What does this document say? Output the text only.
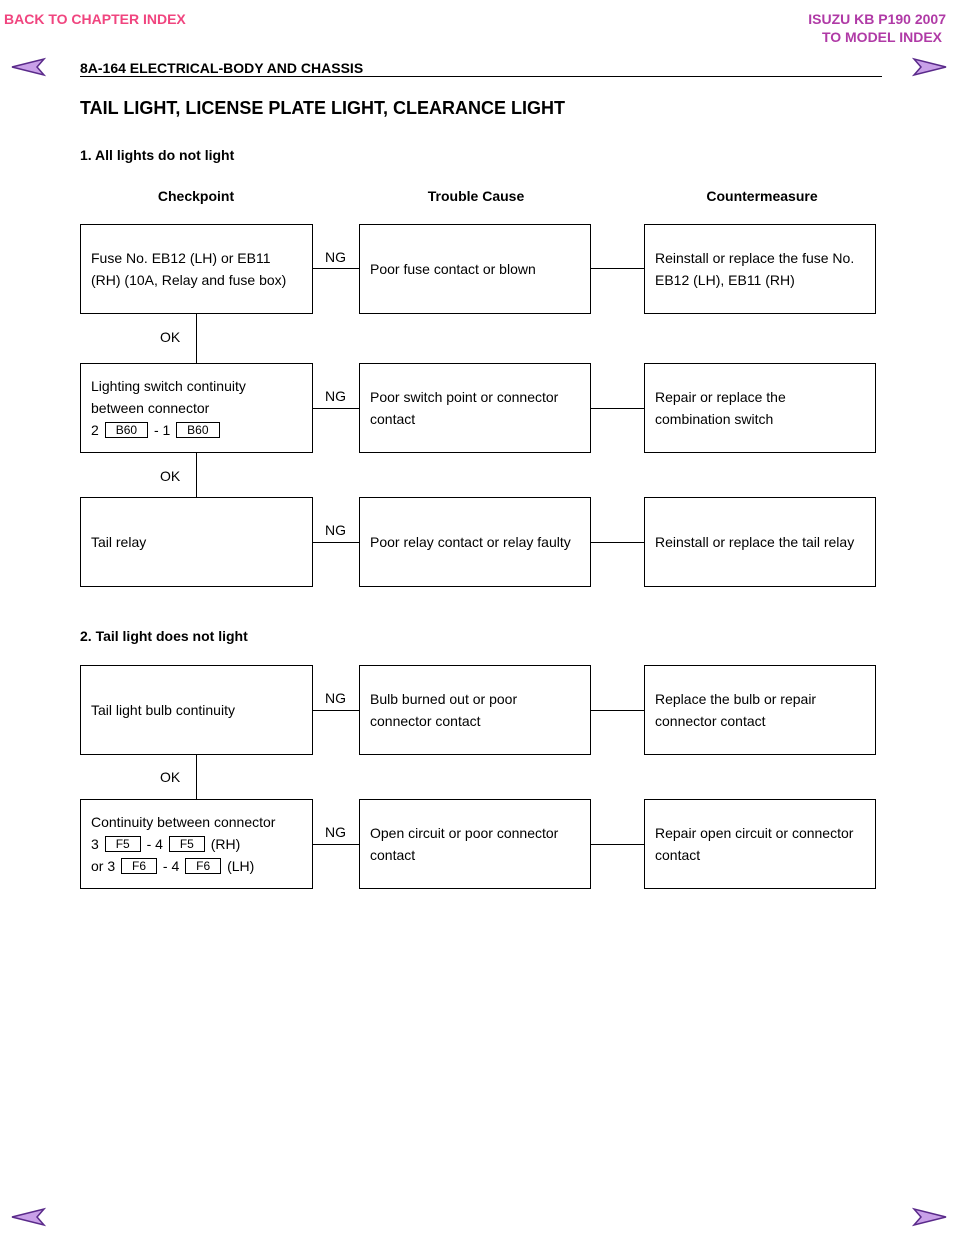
BACK TO CHAPTER INDEX	ISUZU KB P190 2007
TO MODEL INDEX
8A-164 ELECTRICAL-BODY AND CHASSIS
TAIL LIGHT, LICENSE PLATE LIGHT, CLEARANCE LIGHT
1. All lights do not light
Checkpoint	Trouble Cause	Countermeasure
Fuse No. EB12 (LH) or EB11 (RH) (10A, Relay and fuse box)
NG
Poor fuse contact or blown
Reinstall or replace the fuse No. EB12 (LH), EB11 (RH)
OK
Lighting switch continuity
between connector
2 B60 - 1 B60
NG Poor switch point or connector contact
Repair or replace the combination switch
OK
Tail relay
NG
Poor relay contact or relay faulty	Reinstall or replace the tail relay
2. Tail light does not light
Tail light bulb continuity
NG Bulb burned out or poor connector contact
Replace the bulb or repair connector contact
OK
Continuity between connector
3 F5 - 4 F5 (RH)
or 3 F6 - 4 F6 (LH)
NG Open circuit or poor connector contact
Repair open circuit or connector contact
